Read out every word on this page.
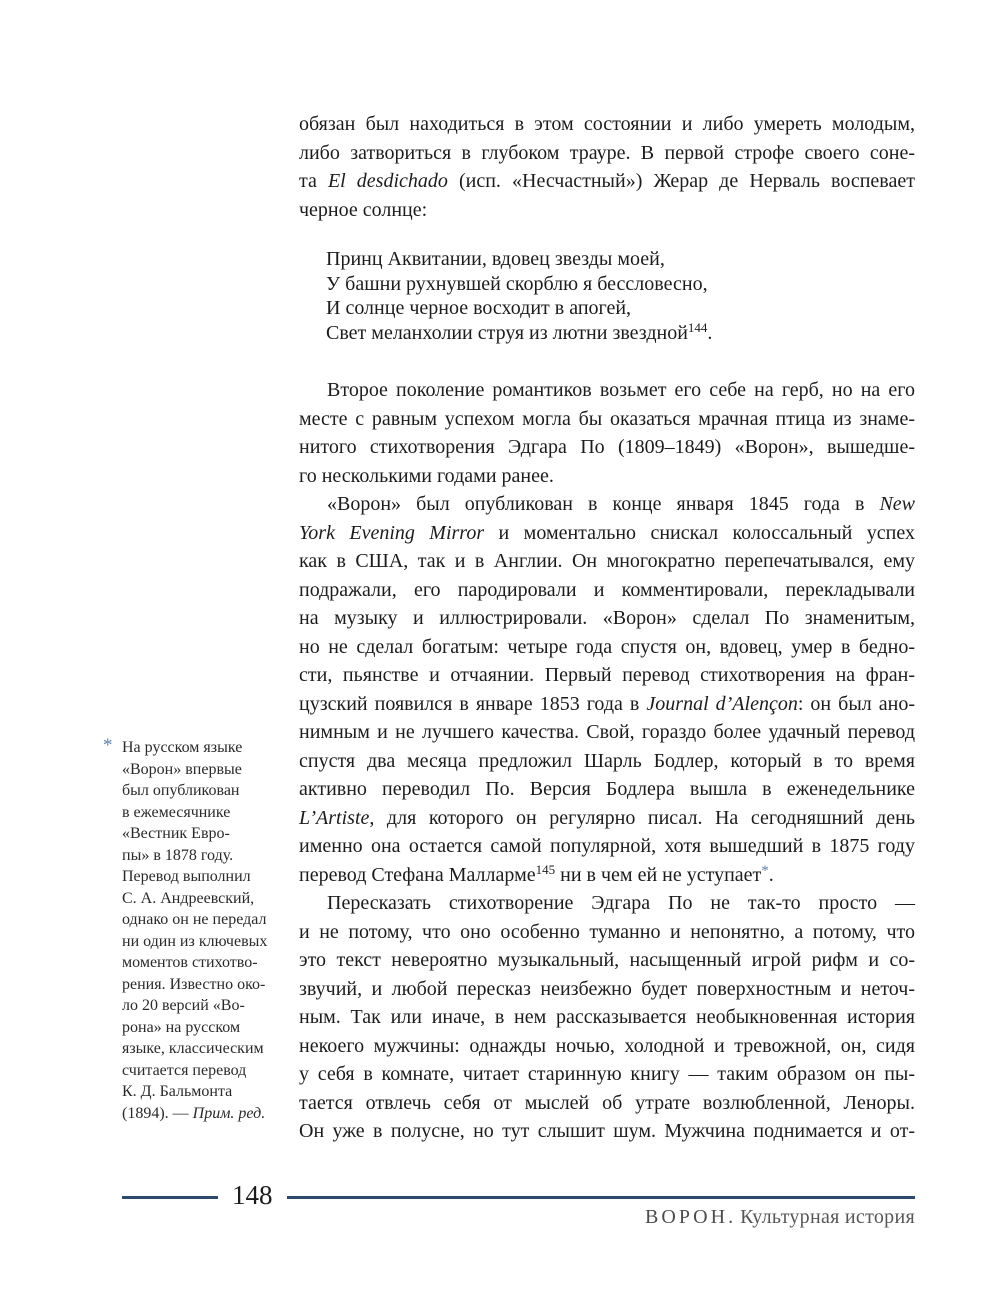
* На русском языке
«Ворон» впервые
был опубликован
в ежемесячнике
«Вестник Евро-
пы» в 1878 году.
Перевод выполнил
С. А. Андреевский,
однако он не передал
ни один из ключевых
моментов стихотво-
рения. Известно око-
ло 20 версий «Во-
рона» на русском
языке, классическим
считается перевод
К. Д. Бальмонта
(1894). — Прим. ред.
обязан был находиться в этом состоянии и либо умереть молодым,
либо затвориться в глубоком трауре. В первой строфе своего соне-
та El desdichado (исп. «Несчастный») Жерар де Нерваль воспевает
черное солнце:
Принц Аквитании, вдовец звезды моей,
У башни рухнувшей скорблю я бессловесно,
И солнце черное восходит в апогей,
Свет меланхолии струя из лютни звездной$^{144}$.
Второе поколение романтиков возьмет его себе на герб, но на его
месте с равным успехом могла бы оказаться мрачная птица из знаме-
нитого стихотворения Эдгара По (1809–1849) «Ворон», вышедше-
го несколькими годами ранее.
«Ворон» был опубликован в конце января 1845 года в New
York Evening Mirror и моментально снискал колоссальный успех
как в США, так и в Англии. Он многократно перепечатывался, ему
подражали, его пародировали и комментировали, перекладывали
на музыку и иллюстрировали. «Ворон» сделал По знаменитым,
но не сделал богатым: четыре года спустя он, вдовец, умер в бедно-
сти, пьянстве и отчаянии. Первый перевод стихотворения на фран-
цузский появился в январе 1853 года в Journal d’Alençon: он был ано-
нимным и не лучшего качества. Свой, гораздо более удачный перевод
спустя два месяца предложил Шарль Бодлер, который в то время
активно переводил По. Версия Бодлера вышла в еженедельнике
L’Artiste, для которого он регулярно писал. На сегодняшний день
именно она остается самой популярной, хотя вышедший в 1875 году
перевод Стефана Малларме$^{145}$ ни в чем ей не уступает*.
Пересказать стихотворение Эдгара По не так-то просто —
и не потому, что оно особенно туманно и непонятно, а потому, что
это текст невероятно музыкальный, насыщенный игрой рифм и со-
звучий, и любой пересказ неизбежно будет поверхностным и неточ-
ным. Так или иначе, в нем рассказывается необыкновенная история
некоего мужчины: однажды ночью, холодной и тревожной, он, сидя
у себя в комнате, читает старинную книгу — таким образом он пы-
тается отвлечь себя от мыслей об утрате возлюбленной, Леноры.
Он уже в полусне, но тут слышит шум. Мужчина поднимается и от-
148
ВОРОН. Культурная история
